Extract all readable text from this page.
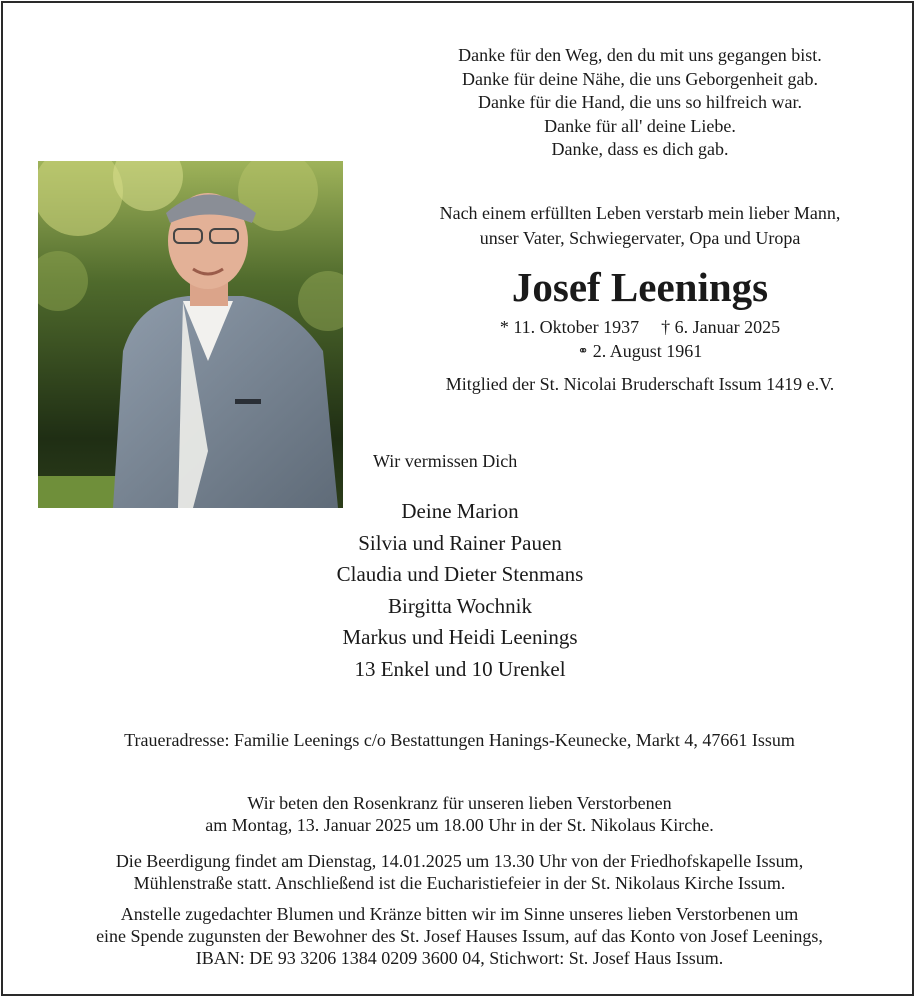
Danke für den Weg, den du mit uns gegangen bist.
Danke für deine Nähe, die uns Geborgenheit gab.
Danke für die Hand, die uns so hilfreich war.
Danke für all' deine Liebe.
Danke, dass es dich gab.
Nach einem erfüllten Leben verstarb mein lieber Mann,
unser Vater, Schwiegervater, Opa und Uropa
Josef Leenings
* 11. Oktober 1937 † 6. Januar 2025
⚭ 2. August 1961
Mitglied der St. Nicolai Bruderschaft Issum 1419 e.V.
Wir vermissen Dich
Deine Marion
Silvia und Rainer Pauen
Claudia und Dieter Stenmans
Birgitta Wochnik
Markus und Heidi Leenings
13 Enkel und 10 Urenkel
Traueradresse: Familie Leenings c/o Bestattungen Hanings-Keunecke, Markt 4, 47661 Issum
Wir beten den Rosenkranz für unseren lieben Verstorbenen
am Montag, 13. Januar 2025 um 18.00 Uhr in der St. Nikolaus Kirche.
Die Beerdigung findet am Dienstag, 14.01.2025 um 13.30 Uhr von der Friedhofskapelle Issum,
Mühlenstraße statt. Anschließend ist die Eucharistiefeier in der St. Nikolaus Kirche Issum.
Anstelle zugedachter Blumen und Kränze bitten wir im Sinne unseres lieben Verstorbenen um
eine Spende zugunsten der Bewohner des St. Josef Hauses Issum, auf das Konto von Josef Leenings,
IBAN: DE 93 3206 1384 0209 3600 04, Stichwort: St. Josef Haus Issum.
